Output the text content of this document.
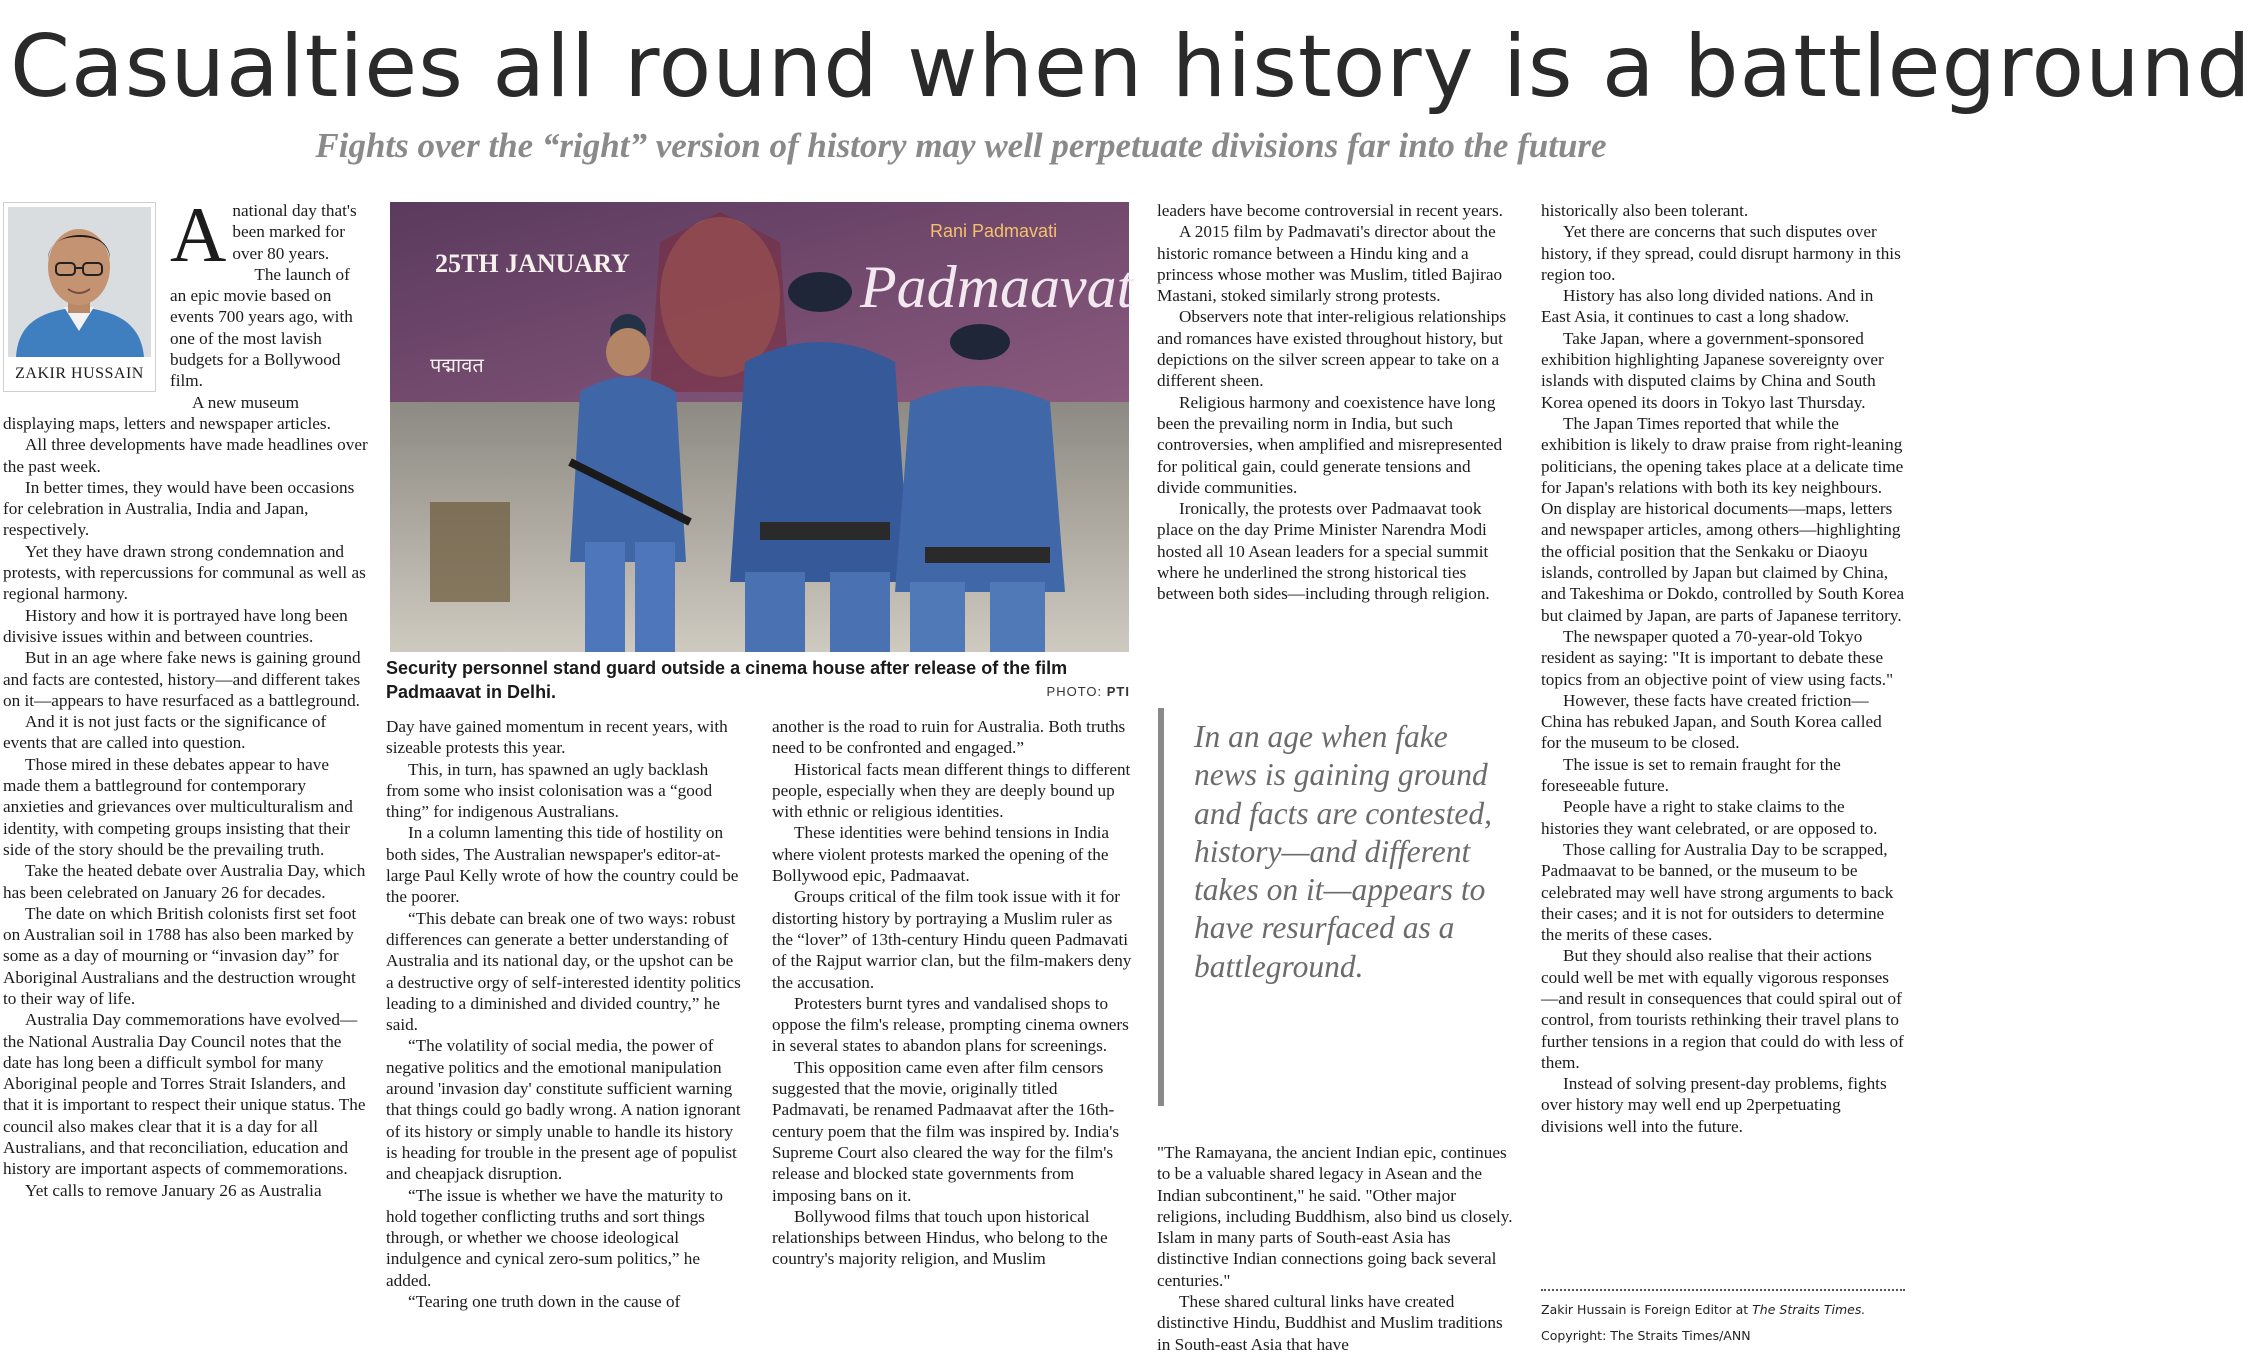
Casualties all round when history is a battleground
Fights over the “right” version of history may well perpetuate divisions far into the future
ZAKIR HUSSAIN
A national day that's been marked for over 80 years.

The launch of an epic movie based on events 700 years ago, with one of the most lavish budgets for a Bollywood film.

A new museum displaying maps, letters and newspaper articles.

All three developments have made headlines over the past week.

In better times, they would have been occasions for celebration in Australia, India and Japan, respectively.

Yet they have drawn strong condemnation and protests, with repercussions for communal as well as regional harmony.

History and how it is portrayed have long been divisive issues within and between countries.

But in an age where fake news is gaining ground and facts are contested, history—and different takes on it—appears to have resurfaced as a battleground.

And it is not just facts or the significance of events that are called into question.

Those mired in these debates appear to have made them a battleground for contemporary anxieties and grievances over multiculturalism and identity, with competing groups insisting that their side of the story should be the prevailing truth.

Take the heated debate over Australia Day, which has been celebrated on January 26 for decades.

The date on which British colonists first set foot on Australian soil in 1788 has also been marked by some as a day of mourning or “invasion day” for Aboriginal Australians and the destruction wrought to their way of life.

Australia Day commemorations have evolved—the National Australia Day Council notes that the date has long been a difficult symbol for many Aboriginal people and Torres Strait Islanders, and that it is important to respect their unique status. The council also makes clear that it is a day for all Australians, and that reconciliation, education and history are important aspects of commemorations.

Yet calls to remove January 26 as Australia

25TH JANUARY	Padmaavat
Rani Padmavati
पद्मावत
Security personnel stand guard outside a cinema house after release of the film Padmaavat in Delhi.	PHOTO: PTI

Day have gained momentum in recent years, with sizeable protests this year.

This, in turn, has spawned an ugly backlash from some who insist colonisation was a “good thing” for indigenous Australians.

In a column lamenting this tide of hostility on both sides, The Australian newspaper's editor-at-large Paul Kelly wrote of how the country could be the poorer.

“This debate can break one of two ways: robust differences can generate a better understanding of Australia and its national day, or the upshot can be a destructive orgy of self-interested identity politics leading to a diminished and divided country,” he said.

“The volatility of social media, the power of negative politics and the emotional manipulation around 'invasion day' constitute sufficient warning that things could go badly wrong. A nation ignorant of its history or simply unable to handle its history is heading for trouble in the present age of populist and cheapjack disruption.

“The issue is whether we have the maturity to hold together conflicting truths and sort things through, or whether we choose ideological indulgence and cynical zero-sum politics,” he added.

“Tearing one truth down in the cause of

another is the road to ruin for Australia. Both truths need to be confronted and engaged.”

Historical facts mean different things to different people, especially when they are deeply bound up with ethnic or religious identities.

These identities were behind tensions in India where violent protests marked the opening of the Bollywood epic, Padmaavat.

Groups critical of the film took issue with it for distorting history by portraying a Muslim ruler as the “lover” of 13th-century Hindu queen Padmavati of the Rajput warrior clan, but the film-makers deny the accusation.

Protesters burnt tyres and vandalised shops to oppose the film's release, prompting cinema owners in several states to abandon plans for screenings.

This opposition came even after film censors suggested that the movie, originally titled Padmavati, be renamed Padmaavat after the 16th-century poem that the film was inspired by. India's Supreme Court also cleared the way for the film's release and blocked state governments from imposing bans on it.

Bollywood films that touch upon historical relationships between Hindus, who belong to the country's majority religion, and Muslim

leaders have become controversial in recent years.

A 2015 film by Padmavati's director about the historic romance between a Hindu king and a princess whose mother was Muslim, titled Bajirao Mastani, stoked similarly strong protests.

Observers note that inter-religious relationships and romances have existed throughout history, but depictions on the silver screen appear to take on a different sheen.

Religious harmony and coexistence have long been the prevailing norm in India, but such controversies, when amplified and misrepresented for political gain, could generate tensions and divide communities.

Ironically, the protests over Padmaavat took place on the day Prime Minister Narendra Modi hosted all 10 Asean leaders for a special summit where he underlined the strong historical ties between both sides—including through religion.

In an age when fake news is gaining ground and facts are contested, history—and different takes on it—appears to have resurfaced as a battleground.

"The Ramayana, the ancient Indian epic, continues to be a valuable shared legacy in Asean and the Indian subcontinent," he said. "Other major religions, including Buddhism, also bind us closely. Islam in many parts of South-east Asia has distinctive Indian connections going back several centuries."

These shared cultural links have created distinctive Hindu, Buddhist and Muslim traditions in South-east Asia that have

historically also been tolerant.

Yet there are concerns that such disputes over history, if they spread, could disrupt harmony in this region too.

History has also long divided nations. And in East Asia, it continues to cast a long shadow.

Take Japan, where a government-sponsored exhibition highlighting Japanese sovereignty over islands with disputed claims by China and South Korea opened its doors in Tokyo last Thursday.

The Japan Times reported that while the exhibition is likely to draw praise from right-leaning politicians, the opening takes place at a delicate time for Japan's relations with both its key neighbours. On display are historical documents—maps, letters and newspaper articles, among others—highlighting the official position that the Senkaku or Diaoyu islands, controlled by Japan but claimed by China, and Takeshima or Dokdo, controlled by South Korea but claimed by Japan, are parts of Japanese territory.

The newspaper quoted a 70-year-old Tokyo resident as saying: "It is important to debate these topics from an objective point of view using facts."

However, these facts have created friction—China has rebuked Japan, and South Korea called for the museum to be closed.

The issue is set to remain fraught for the foreseeable future.

People have a right to stake claims to the histories they want celebrated, or are opposed to.

Those calling for Australia Day to be scrapped, Padmaavat to be banned, or the museum to be celebrated may well have strong arguments to back their cases; and it is not for outsiders to determine the merits of these cases.

But they should also realise that their actions could well be met with equally vigorous responses—and result in consequences that could spiral out of control, from tourists rethinking their travel plans to further tensions in a region that could do with less of them.

Instead of solving present-day problems, fights over history may well end up 2perpetuating divisions well into the future.

Zakir Hussain is Foreign Editor at The Straits Times.
Copyright: The Straits Times/ANN
